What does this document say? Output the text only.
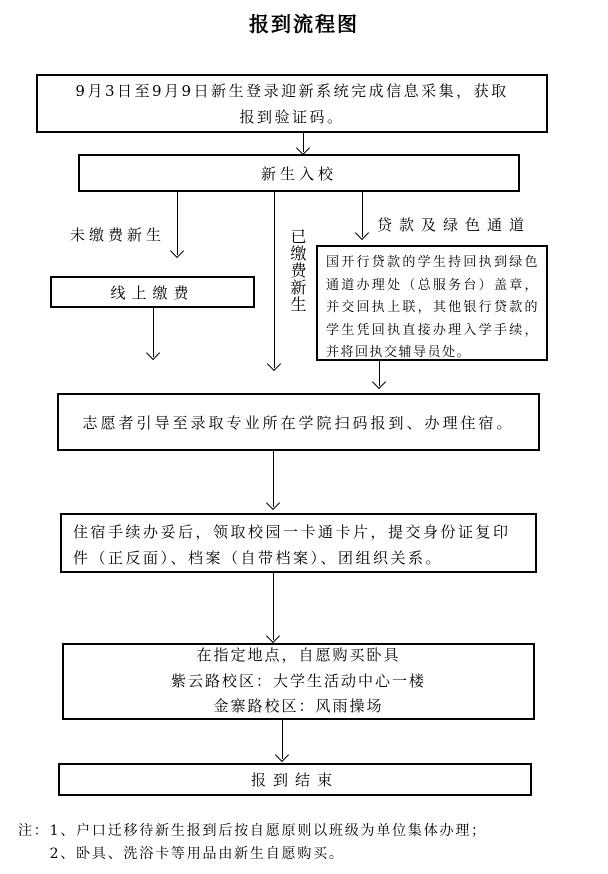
报到流程图
9月3日至9月9日新生登录迎新系统完成信息采集，获取
报到验证码。
新生入校
未缴费新生	已缴费新生
贷款及绿色通道
线上缴费

国开行贷款的学生持回执到绿色通道办理处（总服务台）盖章，并交回执上联，其他银行贷款的学生凭回执直接办理入学手续，并将回执交辅导员处。

志愿者引导至录取专业所在学院扫码报到、办理住宿。
住宿手续办妥后，领取校园一卡通卡片，提交身份证复印件（正反面）、档案（自带档案）、团组织关系。
在指定地点，自愿购买卧具
紫云路校区：大学生活动中心一楼
金寨路校区：风雨操场
报到结束
注： 1、户口迁移待新生报到后按自愿原则以班级为单位集体办理；
2、卧具、洗浴卡等用品由新生自愿购买。
